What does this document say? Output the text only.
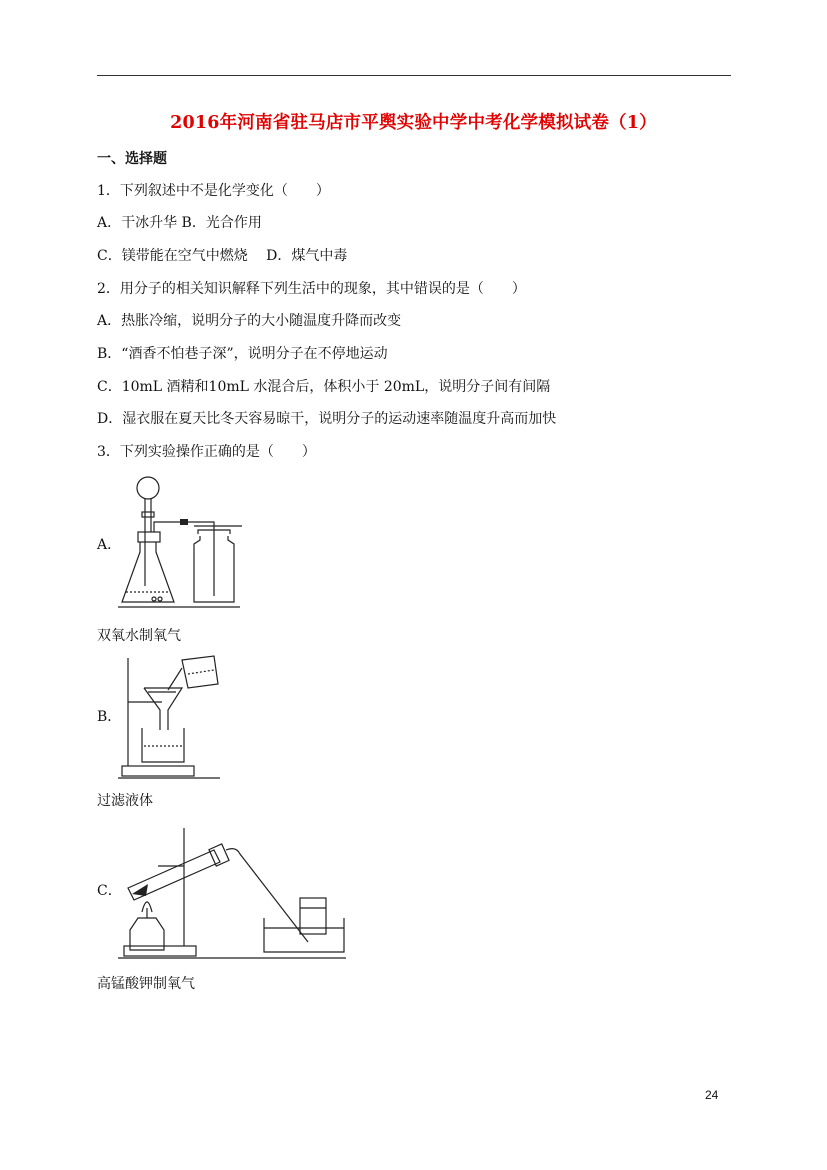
2016年河南省驻马店市平舆实验中学中考化学模拟试卷（1）
一、选择题
1．下列叙述中不是化学变化（　　）
A．干冰升华 B．光合作用
C．镁带能在空气中燃烧　 D．煤气中毒
2．用分子的相关知识解释下列生活中的现象，其中错误的是（　　）
A．热胀冷缩，说明分子的大小随温度升降而改变
B．“酒香不怕巷子深”，说明分子在不停地运动
C．10mL 酒精和10mL 水混合后，体积小于 20mL，说明分子间有间隔
D．湿衣服在夏天比冬天容易晾干，说明分子的运动速率随温度升高而加快
3．下列实验操作正确的是（　　）
A．
双氧水制氧气
B．
过滤液体
C．
高锰酸钾制氧气
24
